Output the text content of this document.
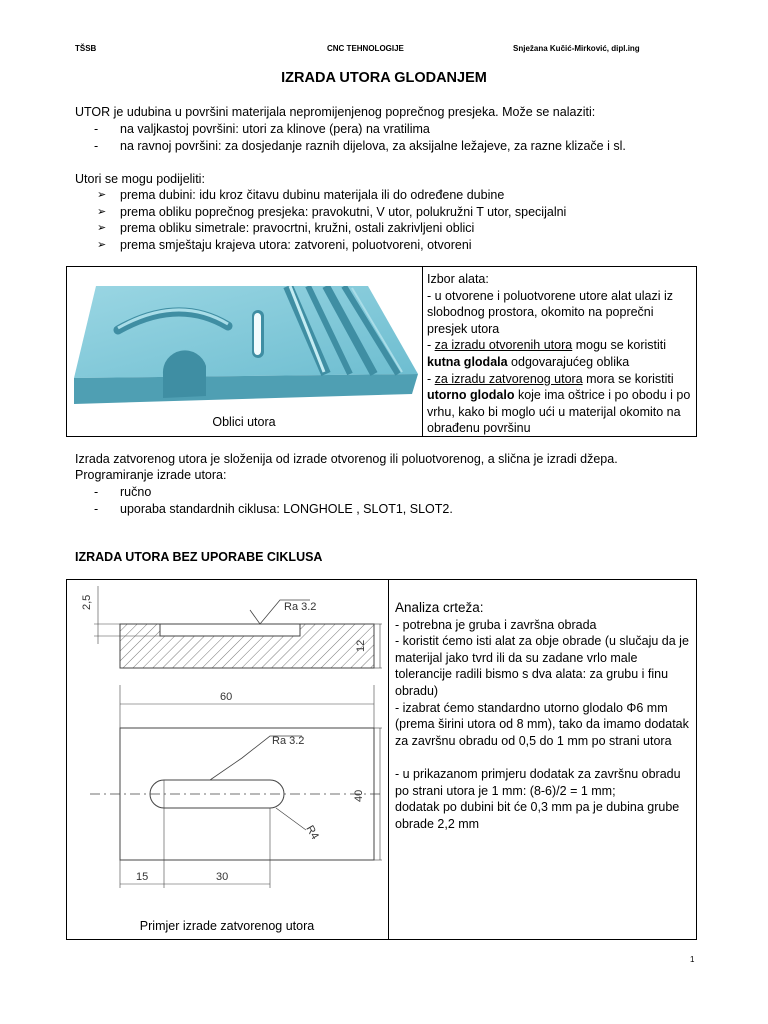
TŠSB	CNC TEHNOLOGIJE	Snježana Kučić-Mirković, dipl.ing
IZRADA UTORA GLODANJEM
UTOR je udubina u površini materijala nepromijenjenog poprečnog presjeka. Može se nalaziti:
- na valjkastoj površini: utori za klinove (pera) na vratilima
- na ravnoj površini: za dosjedanje raznih dijelova, za aksijalne ležajeve, za razne klizače i sl.
Utori se mogu podijeliti:
➢ prema dubini: idu kroz čitavu dubinu materijala ili do određene dubine
➢ prema obliku poprečnog presjeka: pravokutni, V utor, polukružni T utor, specijalni
➢ prema obliku simetrale: pravocrtni, kružni, ostali zakrivljeni oblici
➢ prema smještaju krajeva utora: zatvoreni, poluotvoreni, otvoreni
Oblici utora
Izbor alata:
- u otvorene i poluotvorene utore alat ulazi iz slobodnog prostora, okomito na poprečni presjek utora
- za izradu otvorenih utora mogu se koristiti kutna glodala odgovarajućeg oblika
- za izradu zatvorenog utora mora se koristiti utorno glodalo koje ima oštrice i po obodu i po vrhu, kako bi moglo ući u materijal okomito na obrađenu površinu
Izrada zatvorenog utora je složenija od izrade otvorenog ili poluotvorenog, a slična je izradi džepa.
Programiranje izrade utora:
- ručno
- uporaba standardnih ciklusa: LONGHOLE , SLOT1, SLOT2.
IZRADA UTORA BEZ UPORABE CIKLUSA
2,5	Ra 3.2
12
60
Ra 3.2
40
R4
15	30
Primjer izrade zatvorenog utora
Analiza crteža:
- potrebna je gruba i završna obrada
- koristit ćemo isti alat za obje obrade (u slučaju da je materijal jako tvrd ili da su zadane vrlo male tolerancije radili bismo s dva alata: za grubu i finu obradu)
- izabrat ćemo standardno utorno glodalo Φ6 mm (prema širini utora od 8 mm), tako da imamo dodatak za završnu obradu od 0,5 do 1 mm po strani utora
- u prikazanom primjeru dodatak za završnu obradu po strani utora je 1 mm: (8-6)/2 = 1 mm;
dodatak po dubini bit će 0,3 mm pa je dubina grube obrade 2,2 mm
1
